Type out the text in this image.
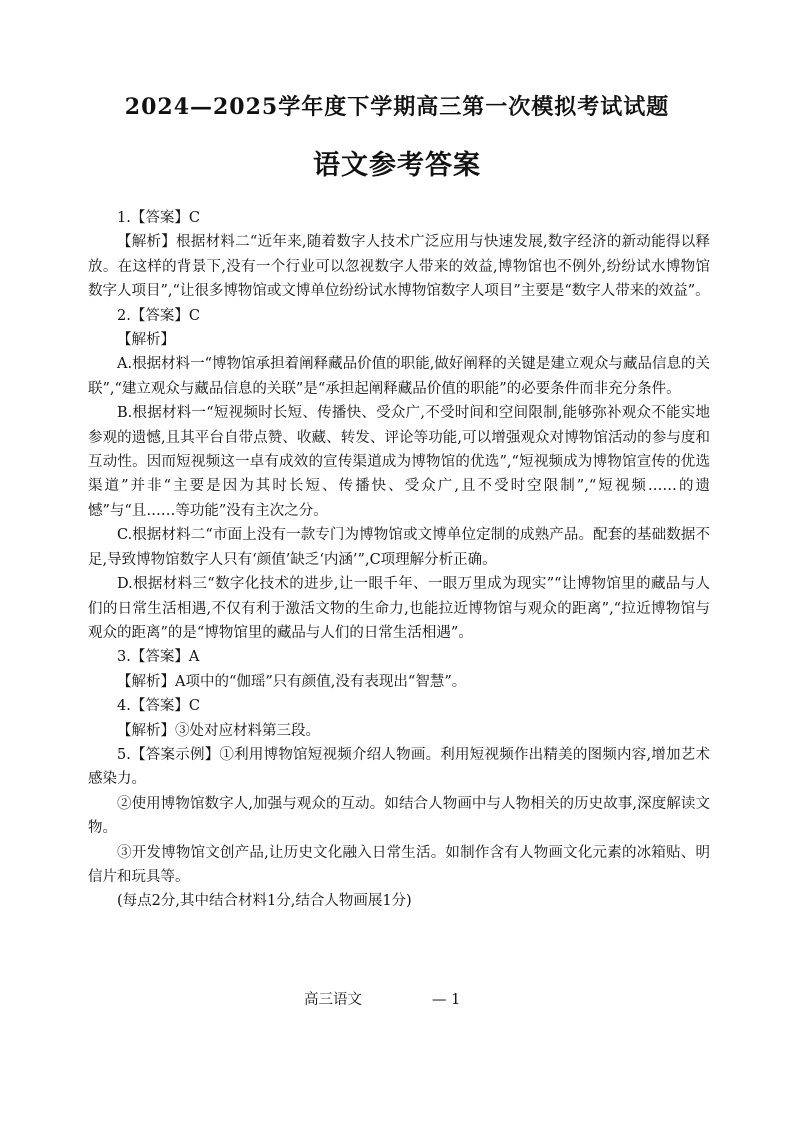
2024—2025学年度下学期高三第一次模拟考试试题
语文参考答案

1.【答案】C

【解析】根据材料二“近年来,随着数字人技术广泛应用与快速发展,数字经济的新动能得以释放。在这样的背景下,没有一个行业可以忽视数字人带来的效益,博物馆也不例外,纷纷试水博物馆数字人项目”,“让很多博物馆或文博单位纷纷试水博物馆数字人项目”主要是“数字人带来的效益”。

2.【答案】C

【解析】

A.根据材料一“博物馆承担着阐释藏品价值的职能,做好阐释的关键是建立观众与藏品信息的关联”,“建立观众与藏品信息的关联”是“承担起阐释藏品价值的职能”的必要条件而非充分条件。

B.根据材料一“短视频时长短、传播快、受众广,不受时间和空间限制,能够弥补观众不能实地参观的遗憾,且其平台自带点赞、收藏、转发、评论等功能,可以增强观众对博物馆活动的参与度和互动性。因而短视频这一卓有成效的宣传渠道成为博物馆的优选”,“短视频成为博物馆宣传的优选渠道”并非“主要是因为其时长短、传播快、受众广,且不受时空限制”,“短视频……的遗憾”与“且……等功能”没有主次之分。

C.根据材料二“市面上没有一款专门为博物馆或文博单位定制的成熟产品。配套的基础数据不足,导致博物馆数字人只有‘颜值’缺乏‘内涵’”,C项理解分析正确。

D.根据材料三“数字化技术的进步,让一眼千年、一眼万里成为现实”“让博物馆里的藏品与人们的日常生活相遇,不仅有利于激活文物的生命力,也能拉近博物馆与观众的距离”,“拉近博物馆与观众的距离”的是“博物馆里的藏品与人们的日常生活相遇”。

3.【答案】A

【解析】A项中的“伽瑶”只有颜值,没有表现出“智慧”。

4.【答案】C

【解析】③处对应材料第三段。

5.【答案示例】①利用博物馆短视频介绍人物画。利用短视频作出精美的图频内容,增加艺术感染力。

②使用博物馆数字人,加强与观众的互动。如结合人物画中与人物相关的历史故事,深度解读文物。

③开发博物馆文创产品,让历史文化融入日常生活。如制作含有人物画文化元素的冰箱贴、明信片和玩具等。

(每点2分,其中结合材料1分,结合人物画展1分)

高三语文	— 1
